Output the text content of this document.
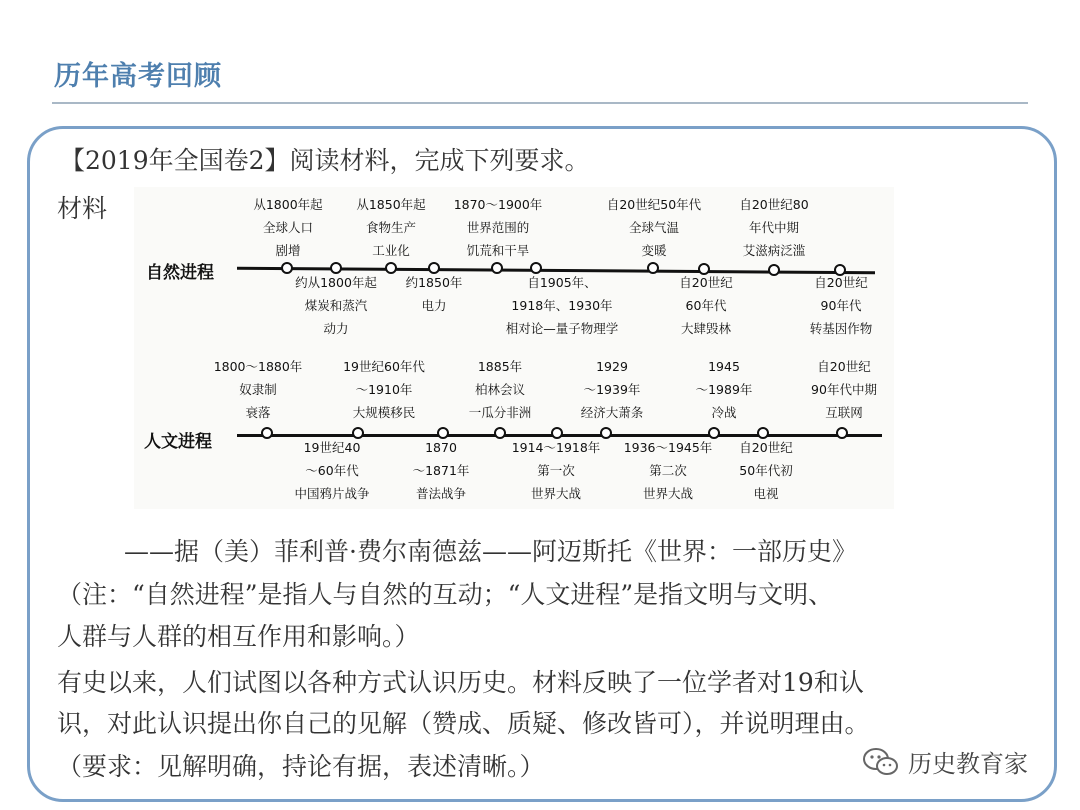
历年高考回顾
【2019年全国卷2】阅读材料，完成下列要求。
材料
自然进程
人文进程
从1800年起
全球人口
剧增
从1850年起
食物生产
工业化
1870～1900年
世界范围的
饥荒和干旱
自20世纪50年代
全球气温
变暖
自20世纪80
年代中期
艾滋病泛滥
约从1800年起
煤炭和蒸汽
动力
约1850年
电力
自1905年、
1918年、1930年
相对论—量子物理学
自20世纪
60年代
大肆毁林
自20世纪
90年代
转基因作物
1800～1880年
奴隶制
衰落
19世纪60年代
～1910年
大规模移民
1885年
柏林会议
一瓜分非洲
1929
～1939年
经济大萧条
1945
～1989年
冷战
自20世纪
90年代中期
互联网
19世纪40
～60年代
中国鸦片战争
1870
～1871年
普法战争
1914～1918年
第一次
世界大战
1936～1945年
第二次
世界大战
自20世纪
50年代初
电视
——据（美）菲利普·费尔南德兹——阿迈斯托《世界：一部历史》
（注：“自然进程”是指人与自然的互动；“人文进程”是指文明与文明、
人群与人群的相互作用和影响。）
有史以来，人们试图以各种方式认识历史。材料反映了一位学者对19和认
识，对此认识提出你自己的见解（赞成、质疑、修改皆可），并说明理由。
（要求：见解明确，持论有据，表述清晰。）	历史教育家
